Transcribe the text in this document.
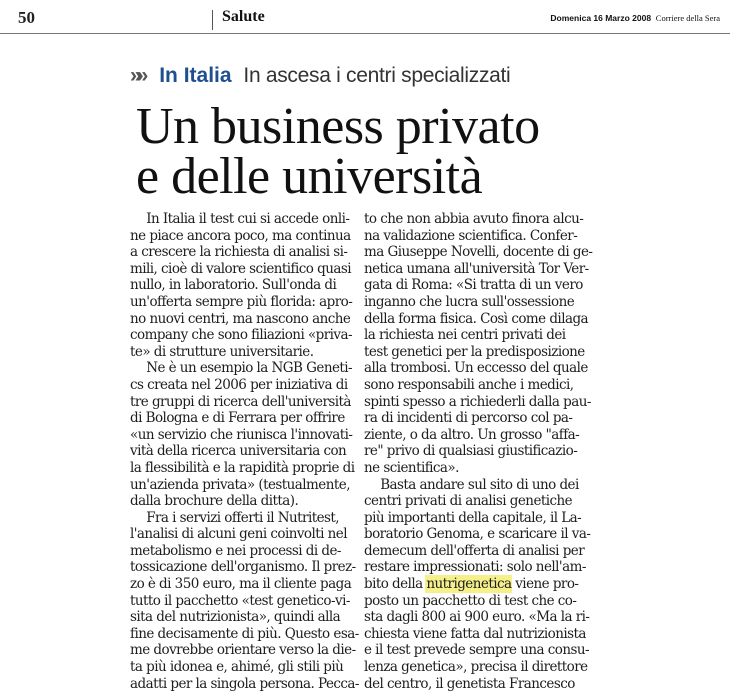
50	Salute	Domenica 16 Marzo 2008 Corriere della Sera
»» In Italia In ascesa i centri specializzati
Un business privato
e delle università

In Italia il test cui si accede onli-
ne piace ancora poco, ma continua
a crescere la richiesta di analisi si-
mili, cioè di valore scientifico quasi
nullo, in laboratorio. Sull'onda di
un'offerta sempre più florida: apro-
no nuovi centri, ma nascono anche
company che sono filiazioni «priva-
te» di strutture universitarie.

Ne è un esempio la NGB Geneti-
cs creata nel 2006 per iniziativa di
tre gruppi di ricerca dell'università
di Bologna e di Ferrara per offrire
«un servizio che riunisca l'innovati-
vità della ricerca universitaria con
la flessibilità e la rapidità proprie di
un'azienda privata» (testualmente,
dalla brochure della ditta).

Fra i servizi offerti il Nutritest,
l'analisi di alcuni geni coinvolti nel
metabolismo e nei processi di de-
tossicazione dell'organismo. Il prez-
zo è di 350 euro, ma il cliente paga
tutto il pacchetto «test genetico-vi-
sita del nutrizionista», quindi alla
fine decisamente di più. Questo esa-
me dovrebbe orientare verso la die-
ta più idonea e, ahimé, gli stili più
adatti per la singola persona. Pecca-

to che non abbia avuto finora alcu-
na validazione scientifica. Confer-
ma Giuseppe Novelli, docente di ge-
netica umana all'università Tor Ver-
gata di Roma: «Si tratta di un vero
inganno che lucra sull'ossessione
della forma fisica. Così come dilaga
la richiesta nei centri privati dei
test genetici per la predisposizione
alla trombosi. Un eccesso del quale
sono responsabili anche i medici,
spinti spesso a richiederli dalla pau-
ra di incidenti di percorso col pa-
ziente, o da altro. Un grosso "affa-
re" privo di qualsiasi giustificazio-
ne scientifica».

Basta andare sul sito di uno dei
centri privati di analisi genetiche
più importanti della capitale, il La-
boratorio Genoma, e scaricare il va-
demecum dell'offerta di analisi per
restare impressionati: solo nell'am-
bito della nutrigenetica viene pro-
posto un pacchetto di test che co-
sta dagli 800 ai 900 euro. «Ma la ri-
chiesta viene fatta dal nutrizionista
e il test prevede sempre una consu-
lenza genetica», precisa il direttore
del centro, il genetista Francesco
